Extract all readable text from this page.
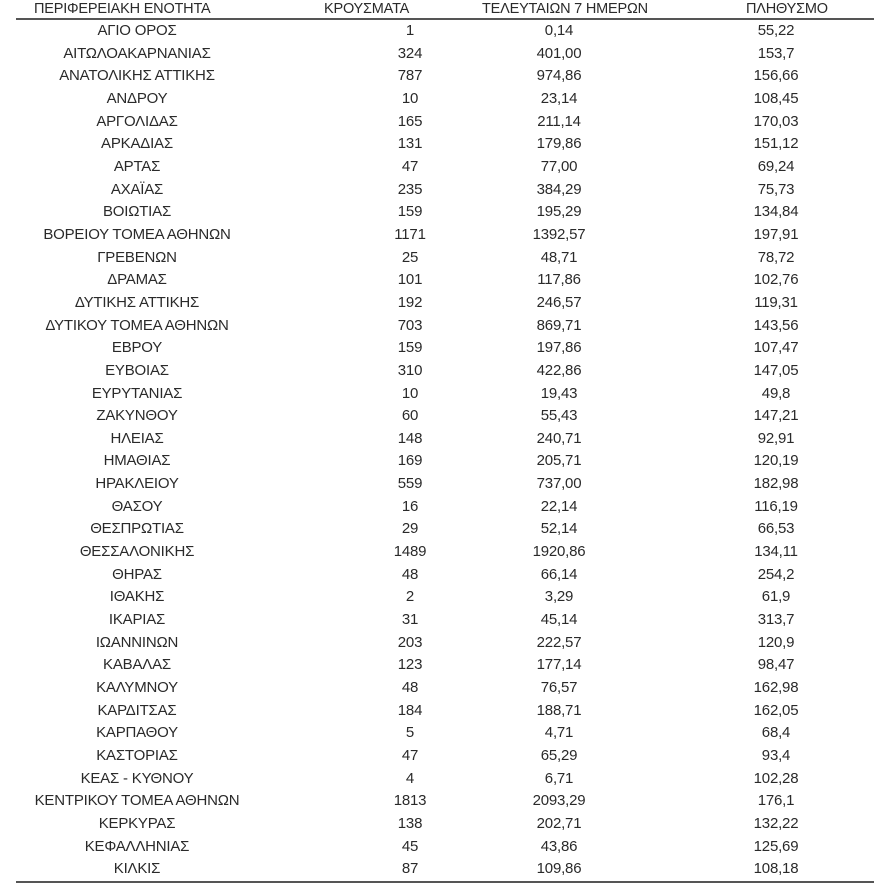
ΠΕΡΙΦΕΡΕΙΑΚΗ ΕΝΟΤΗΤΑ	ΚΡΟΥΣΜΑΤΑ	ΤΕΛΕΥΤΑΙΩΝ 7 ΗΜΕΡΩΝ	ΠΛΗΘΥΣΜΟ
ΑΓΙΟ ΟΡΟΣ	1	0,14	55,22
ΑΙΤΩΛΟΑΚΑΡΝΑΝΙΑΣ	324	401,00	153,7
ΑΝΑΤΟΛΙΚΗΣ ΑΤΤΙΚΗΣ	787	974,86	156,66
ΑΝΔΡΟΥ	10	23,14	108,45
ΑΡΓΟΛΙΔΑΣ	165	211,14	170,03
ΑΡΚΑΔΙΑΣ	131	179,86	151,12
ΑΡΤΑΣ	47	77,00	69,24
ΑΧΑΪΑΣ	235	384,29	75,73
ΒΟΙΩΤΙΑΣ	159	195,29	134,84
ΒΟΡΕΙΟΥ ΤΟΜΕΑ ΑΘΗΝΩΝ	1171	1392,57	197,91
ΓΡΕΒΕΝΩΝ	25	48,71	78,72
ΔΡΑΜΑΣ	101	117,86	102,76
ΔΥΤΙΚΗΣ ΑΤΤΙΚΗΣ	192	246,57	119,31
ΔΥΤΙΚΟΥ ΤΟΜΕΑ ΑΘΗΝΩΝ	703	869,71	143,56
ΕΒΡΟΥ	159	197,86	107,47
ΕΥΒΟΙΑΣ	310	422,86	147,05
ΕΥΡΥΤΑΝΙΑΣ	10	19,43	49,8
ΖΑΚΥΝΘΟΥ	60	55,43	147,21
ΗΛΕΙΑΣ	148	240,71	92,91
ΗΜΑΘΙΑΣ	169	205,71	120,19
ΗΡΑΚΛΕΙΟΥ	559	737,00	182,98
ΘΑΣΟΥ	16	22,14	116,19
ΘΕΣΠΡΩΤΙΑΣ	29	52,14	66,53
ΘΕΣΣΑΛΟΝΙΚΗΣ	1489	1920,86	134,11
ΘΗΡΑΣ	48	66,14	254,2
ΙΘΑΚΗΣ	2	3,29	61,9
ΙΚΑΡΙΑΣ	31	45,14	313,7
ΙΩΑΝΝΙΝΩΝ	203	222,57	120,9
ΚΑΒΑΛΑΣ	123	177,14	98,47
ΚΑΛΥΜΝΟΥ	48	76,57	162,98
ΚΑΡΔΙΤΣΑΣ	184	188,71	162,05
ΚΑΡΠΑΘΟΥ	5	4,71	68,4
ΚΑΣΤΟΡΙΑΣ	47	65,29	93,4
ΚΕΑΣ - ΚΥΘΝΟΥ	4	6,71	102,28
ΚΕΝΤΡΙΚΟΥ ΤΟΜΕΑ ΑΘΗΝΩΝ	1813	2093,29	176,1
ΚΕΡΚΥΡΑΣ	138	202,71	132,22
ΚΕΦΑΛΛΗΝΙΑΣ	45	43,86	125,69
ΚΙΛΚΙΣ	87	109,86	108,18
